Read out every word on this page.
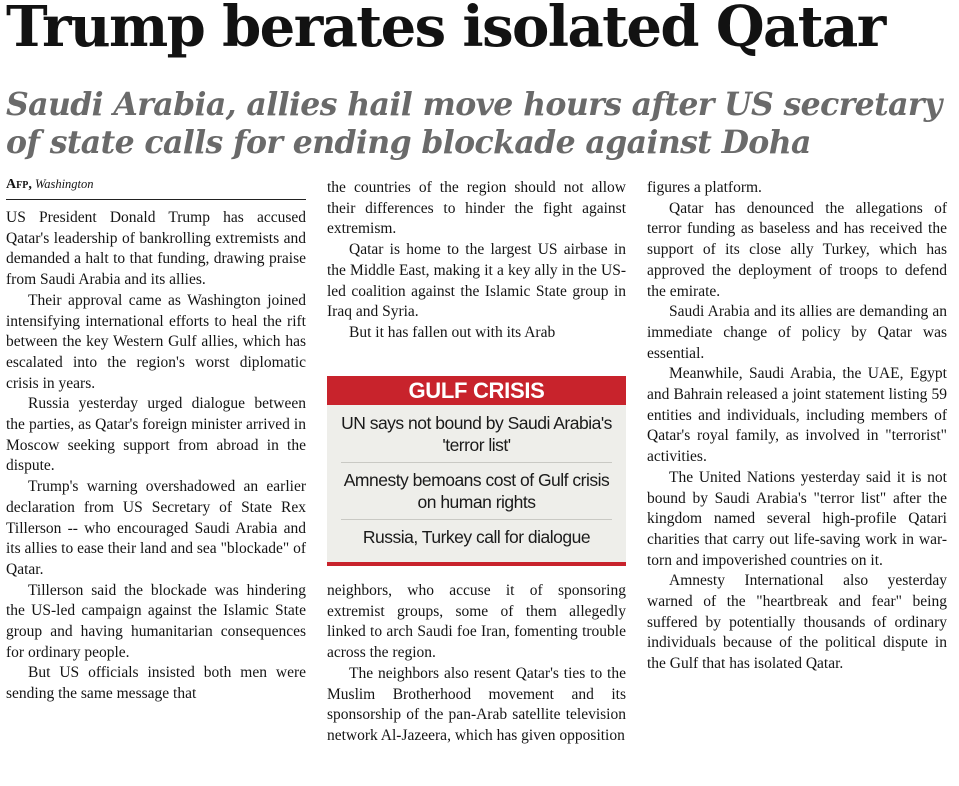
Trump berates isolated Qatar
Saudi Arabia, allies hail move hours after US secretary of state calls for ending blockade against Doha
Afp, Washington

US President Donald Trump has accused Qatar's leadership of bankrolling extremists and demanded a halt to that funding, drawing praise from Saudi Arabia and its allies.

Their approval came as Washington joined intensifying international efforts to heal the rift between the key Western Gulf allies, which has escalated into the region's worst diplomatic crisis in years.

Russia yesterday urged dialogue between the parties, as Qatar's foreign minister arrived in Moscow seeking support from abroad in the dispute.

Trump's warning overshadowed an earlier declaration from US Secretary of State Rex Tillerson -- who encouraged Saudi Arabia and its allies to ease their land and sea "blockade" of Qatar.

Tillerson said the blockade was hindering the US-led campaign against the Islamic State group and having humanitarian consequences for ordinary people.

But US officials insisted both men were sending the same message that

the countries of the region should not allow their differences to hinder the fight against extremism.

Qatar is home to the largest US airbase in the Middle East, making it a key ally in the US-led coalition against the Islamic State group in Iraq and Syria.

But it has fallen out with its Arab

GULF CRISIS
UN says not bound by Saudi Arabia's 'terror list'
Amnesty bemoans cost of Gulf crisis on human rights
Russia, Turkey call for dialogue

neighbors, who accuse it of sponsoring extremist groups, some of them allegedly linked to arch Saudi foe Iran, fomenting trouble across the region.

The neighbors also resent Qatar's ties to the Muslim Brotherhood movement and its sponsorship of the pan-Arab satellite television network Al-Jazeera, which has given opposition

figures a platform.

Qatar has denounced the allegations of terror funding as baseless and has received the support of its close ally Turkey, which has approved the deployment of troops to defend the emirate.

Saudi Arabia and its allies are demanding an immediate change of policy by Qatar was essential.

Meanwhile, Saudi Arabia, the UAE, Egypt and Bahrain released a joint statement listing 59 entities and individuals, including members of Qatar's royal family, as involved in "terrorist" activities.

The United Nations yesterday said it is not bound by Saudi Arabia's "terror list" after the kingdom named several high-profile Qatari charities that carry out life-saving work in war-torn and impoverished countries on it.

Amnesty International also yesterday warned of the "heartbreak and fear" being suffered by potentially thousands of ordinary individuals because of the political dispute in the Gulf that has isolated Qatar.
